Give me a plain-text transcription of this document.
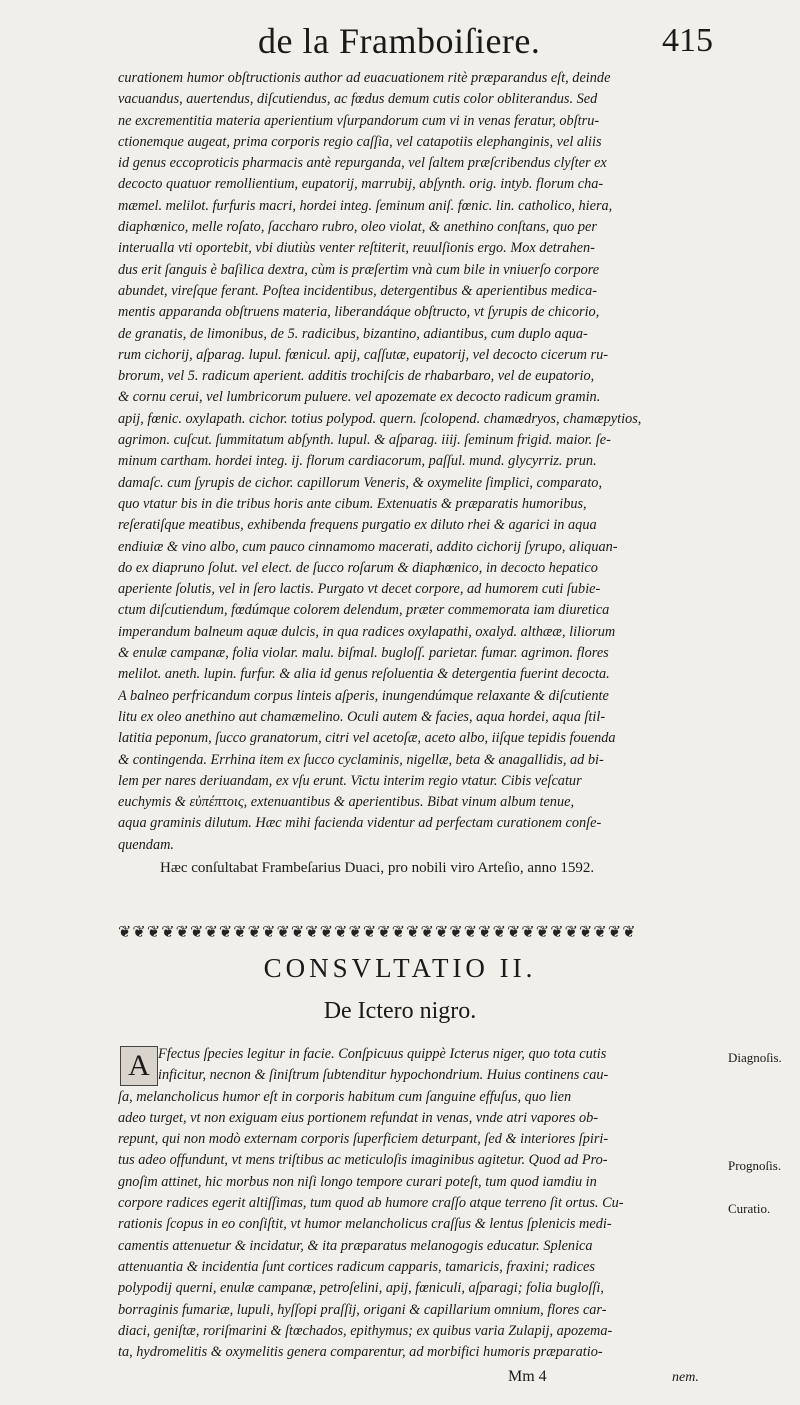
de la Framboiſiere.	415
curationem humor obſtructionis author ad euacuationem ritè præparandus eſt, deinde
vacuandus, auertendus, diſcutiendus, ac fœdus demum cutis color obliterandus. Sed
ne excrementitia materia aperientium vſurpandorum cum vi in venas feratur, obſtru-
ctionemque augeat, prima corporis regio caſſia, vel catapotiis elephanginis, vel aliis
id genus eccoproticis pharmacis antè repurganda, vel ſaltem præſcribendus clyſter ex
decocto quatuor remollientium, eupatorij, marrubij, abſynth. orig. intyb. florum cha-
mæmel. melilot. furfuris macri, hordei integ. ſeminum aniſ. fœnic. lin. catholico, hiera,
diaphœnico, melle roſato, ſaccharo rubro, oleo violat, & anethino conſtans, quo per
interualla vti oportebit, vbi diutiùs venter reſtiterit, reuulſionis ergo. Mox detrahen-
dus erit ſanguis è baſilica dextra, cùm is præſertim vnà cum bile in vniuerſo corpore
abundet, vireſque ferant. Poſtea incidentibus, detergentibus & aperientibus medica-
mentis apparanda obſtruens materia, liberandáque obſtructo, vt ſyrupis de chicorio,
de granatis, de limonibus, de 5. radicibus, bizantino, adiantibus, cum duplo aqua-
rum cichorij, aſparag. lupul. fœnicul. apij, caſſutæ, eupatorij, vel decocto cicerum ru-
brorum, vel 5. radicum aperient. additis trochiſcis de rhabarbaro, vel de eupatorio,
& cornu cerui, vel lumbricorum puluere. vel apozemate ex decocto radicum gramin.
apij, fœnic. oxylapath. cichor. totius polypod. quern. ſcolopend. chamædryos, chamæpytios,
agrimon. cuſcut. ſummitatum abſynth. lupul. & aſparag. iiij. ſeminum frigid. maior. ſe-
minum cartham. hordei integ. ij. florum cardiacorum, paſſul. mund. glycyrriz. prun.
damaſc. cum ſyrupis de cichor. capillorum Veneris, & oxymelite ſimplici, comparato,
quo vtatur bis in die tribus horis ante cibum. Extenuatis & præparatis humoribus,
reſeratiſque meatibus, exhibenda frequens purgatio ex diluto rhei & agarici in aqua
endiuiæ & vino albo, cum pauco cinnamomo macerati, addito cichorij ſyrupo, aliquan-
do ex diapruno ſolut. vel elect. de ſucco roſarum & diaphœnico, in decocto hepatico
aperiente ſolutis, vel in ſero lactis. Purgato vt decet corpore, ad humorem cuti ſubie-
ctum diſcutiendum, fœdúmque colorem delendum, præter commemorata iam diuretica
imperandum balneum aquæ dulcis, in qua radices oxylapathi, oxalyd. althææ, liliorum
& enulæ campanæ, folia violar. malu. biſmal. bugloſſ. parietar. fumar. agrimon. flores
melilot. aneth. lupin. furfur. & alia id genus reſoluentia & detergentia fuerint decocta.
A balneo perfricandum corpus linteis aſperis, inungendúmque relaxante & diſcutiente
litu ex oleo anethino aut chamæmelino. Oculi autem & facies, aqua hordei, aqua ſtil-
latitia peponum, ſucco granatorum, citri vel acetoſæ, aceto albo, iiſque tepidis fouenda
& contingenda. Errhina item ex ſucco cyclaminis, nigellæ, beta & anagallidis, ad bi-
lem per nares deriuandam, ex vſu erunt. Victu interim regio vtatur. Cibis veſcatur
euchymis & εὐπέπτοις, extenuantibus & aperientibus. Bibat vinum album tenue,
aqua graminis dilutum. Hæc mihi facienda videntur ad perfectam curationem conſe-
quendam.
Hæc conſultabat Frambeſarius Duaci, pro nobili viro Arteſio, anno 1592.
❦❦❦❦❦❦❦❦❦❦❦❦❦❦❦❦❦❦❦❦❦❦❦❦❦❦❦❦❦❦❦❦❦❦❦❦
CONSVLTATIO II.
De Ictero nigro.
A Ffectus ſpecies legitur in facie. Conſpicuus quippè Icterus niger, quo tota cutis
inficitur, necnon & ſiniſtrum ſubtenditur hypochondrium. Huius continens cau-
ſa, melancholicus humor eſt in corporis habitum cum ſanguine effuſus, quo lien
adeo turget, vt non exiguam eius portionem refundat in venas, vnde atri vapores ob-
repunt, qui non modò externam corporis ſuperficiem deturpant, ſed & interiores ſpiri-
tus adeo offundunt, vt mens triſtibus ac meticuloſis imaginibus agitetur. Quod ad Pro-
gnoſim attinet, hic morbus non niſi longo tempore curari poteſt, tum quod iamdiu in
corpore radices egerit altiſſimas, tum quod ab humore craſſo atque terreno ſit ortus. Cu-
rationis ſcopus in eo conſiſtit, vt humor melancholicus craſſus & lentus ſplenicis medi-
camentis attenuetur & incidatur, & ita præparatus melanogogis educatur. Splenica
attenuantia & incidentia ſunt cortices radicum capparis, tamaricis, fraxini; radices
polypodij querni, enulæ campanæ, petroſelini, apij, fœniculi, aſparagi; folia bugloſſi,
borraginis fumariæ, lupuli, hyſſopi praſſij, origani & capillarium omnium, flores car-
diaci, geniſtæ, roriſmarini & ſtœchados, epithymus; ex quibus varia Zulapij, apozema-
ta, hydromelitis & oxymelitis genera comparentur, ad morbifici humoris præparatio-
Diagnoſis.
Prognoſis.
Curatio.
Mm 4	nem.
